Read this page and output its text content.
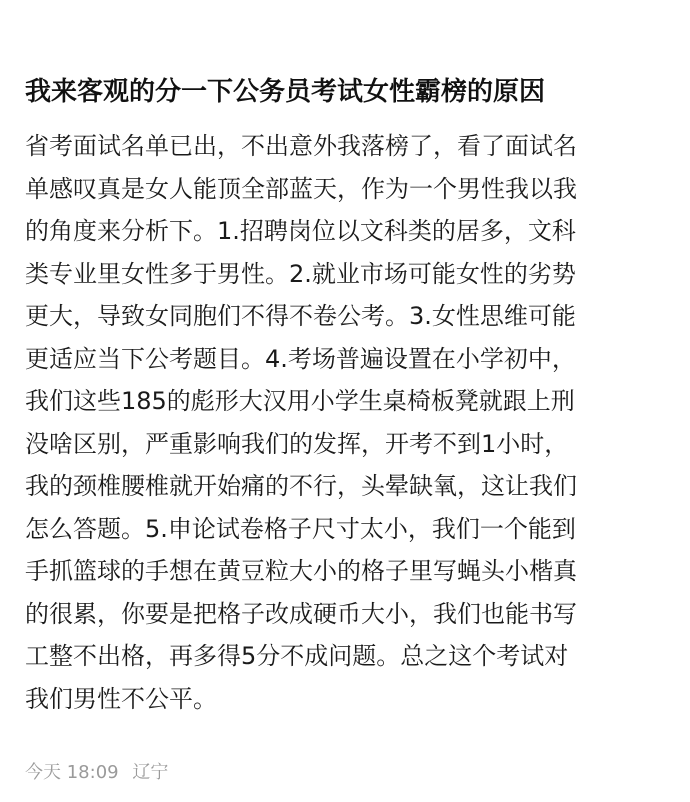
我来客观的分一下公务员考试女性霸榜的原因
省考面试名单已出，不出意外我落榜了，看了面试名
单感叹真是女人能顶全部蓝天，作为一个男性我以我
的角度来分析下。1.招聘岗位以文科类的居多，文科
类专业里女性多于男性。2.就业市场可能女性的劣势
更大，导致女同胞们不得不卷公考。3.女性思维可能
更适应当下公考题目。4.考场普遍设置在小学初中，
我们这些185的彪形大汉用小学生桌椅板凳就跟上刑
没啥区别，严重影响我们的发挥，开考不到1小时，
我的颈椎腰椎就开始痛的不行，头晕缺氧，这让我们
怎么答题。5.申论试卷格子尺寸太小，我们一个能到
手抓篮球的手想在黄豆粒大小的格子里写蝇头小楷真
的很累，你要是把格子改成硬币大小，我们也能书写
工整不出格，再多得5分不成问题。总之这个考试对
我们男性不公平。
今天 18:09 辽宁
